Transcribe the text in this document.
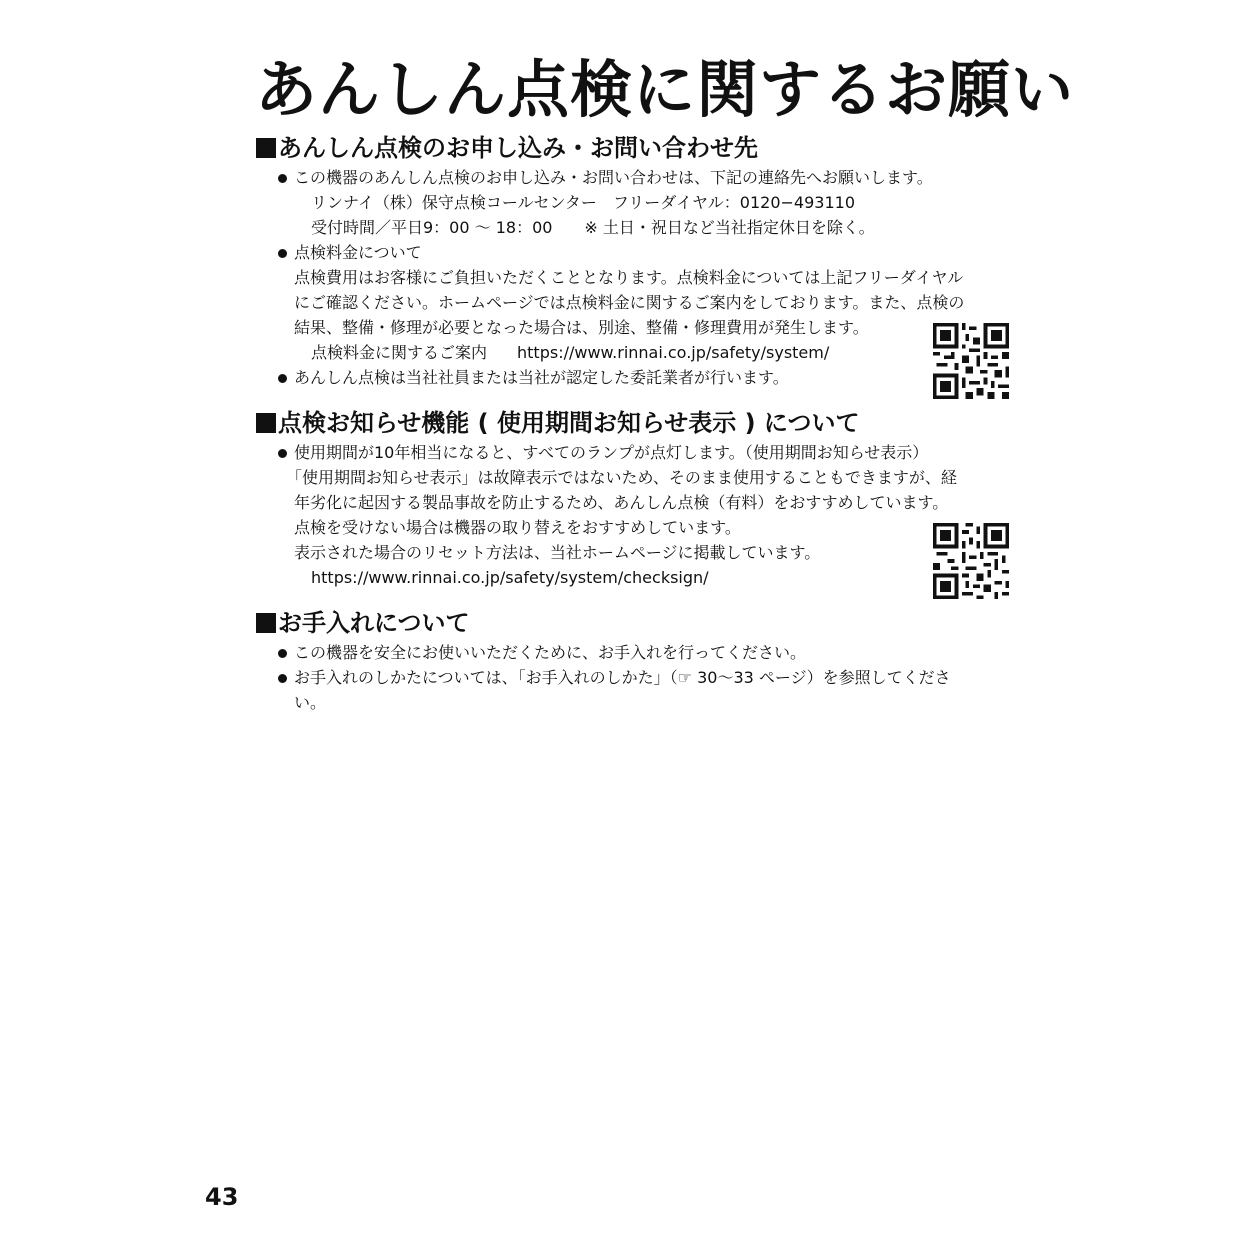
あんしん点検に関するお願い
あんしん点検のお申し込み・お問い合わせ先
この機器のあんしん点検のお申し込み・お問い合わせは、下記の連絡先へお願いします。
リンナイ（株）保守点検コールセンター　フリーダイヤル：0120−493110
受付時間／平日9：00 ～ 18：00　　※ 土日・祝日など当社指定休日を除く。
点検料金について
点検費用はお客様にご負担いただくこととなります。点検料金については上記フリーダイヤル
にご確認ください。ホームページでは点検料金に関するご案内をしております。また、点検の
結果、整備・修理が必要となった場合は、別途、整備・修理費用が発生します。
点検料金に関するご案内 https://www.rinnai.co.jp/safety/system/
あんしん点検は当社社員または当社が認定した委託業者が行います。
点検お知らせ機能 ( 使用期間お知らせ表示 ) について
使用期間が10年相当になると、すべてのランプが点灯します。（使用期間お知らせ表示）
「使用期間お知らせ表示」は故障表示ではないため、そのまま使用することもできますが、経
年劣化に起因する製品事故を防止するため、あんしん点検（有料）をおすすめしています。
点検を受けない場合は機器の取り替えをおすすめしています。
表示された場合のリセット方法は、当社ホームページに掲載しています。
https://www.rinnai.co.jp/safety/system/checksign/
お手入れについて
この機器を安全にお使いいただくために、お手入れを行ってください。
お手入れのしかたについては、「お手入れのしかた」（☞ 30～33 ページ）を参照してくださ
い。
43
